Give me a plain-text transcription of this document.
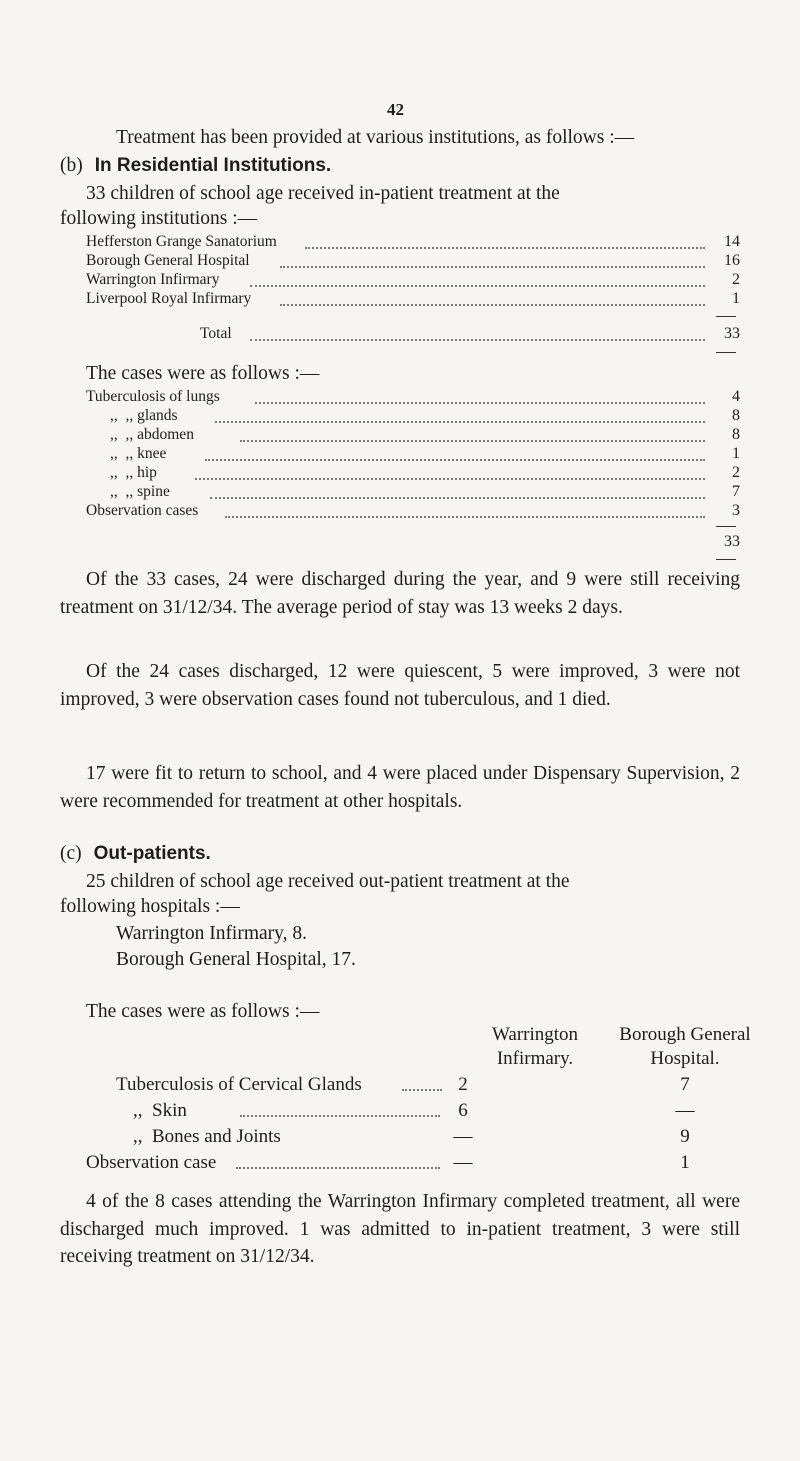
42
Treatment has been provided at various institutions, as follows :—
(b) In Residential Institutions.
33 children of school age received in-patient treatment at the
following institutions :—
Hefferston Grange Sanatorium	14
Borough General Hospital	16
Warrington Infirmary	2
Liverpool Royal Infirmary	1
Total	33
The cases were as follows :—
Tuberculosis of lungs	4
,,  ,, glands	8
,,  ,, abdomen	8
,,  ,, knee	1
,,  ,, hip	2
,,  ,, spine	7
Observation cases	3
33
Of the 33 cases, 24 were discharged during the year, and 9 were still receiving treatment on 31/12/34. The average period of stay was 13 weeks 2 days.
Of the 24 cases discharged, 12 were quiescent, 5 were improved, 3 were not improved, 3 were observation cases found not tuberculous, and 1 died.
17 were fit to return to school, and 4 were placed under Dispensary Supervision, 2 were recommended for treatment at other hospitals.
(c) Out-patients.
25 children of school age received out-patient treatment at the
following hospitals :—
Warrington Infirmary, 8.
Borough General Hospital, 17.
The cases were as follows :—
Warrington
Infirmary.
Borough General
Hospital.
Tuberculosis of Cervical Glands	2	7
,,  Skin	6	—
,,  Bones and Joints	—	9
Observation case	—	1
4 of the 8 cases attending the Warrington Infirmary completed treatment, all were discharged much improved. 1 was admitted to in-patient treatment, 3 were still receiving treatment on 31/12/34.
